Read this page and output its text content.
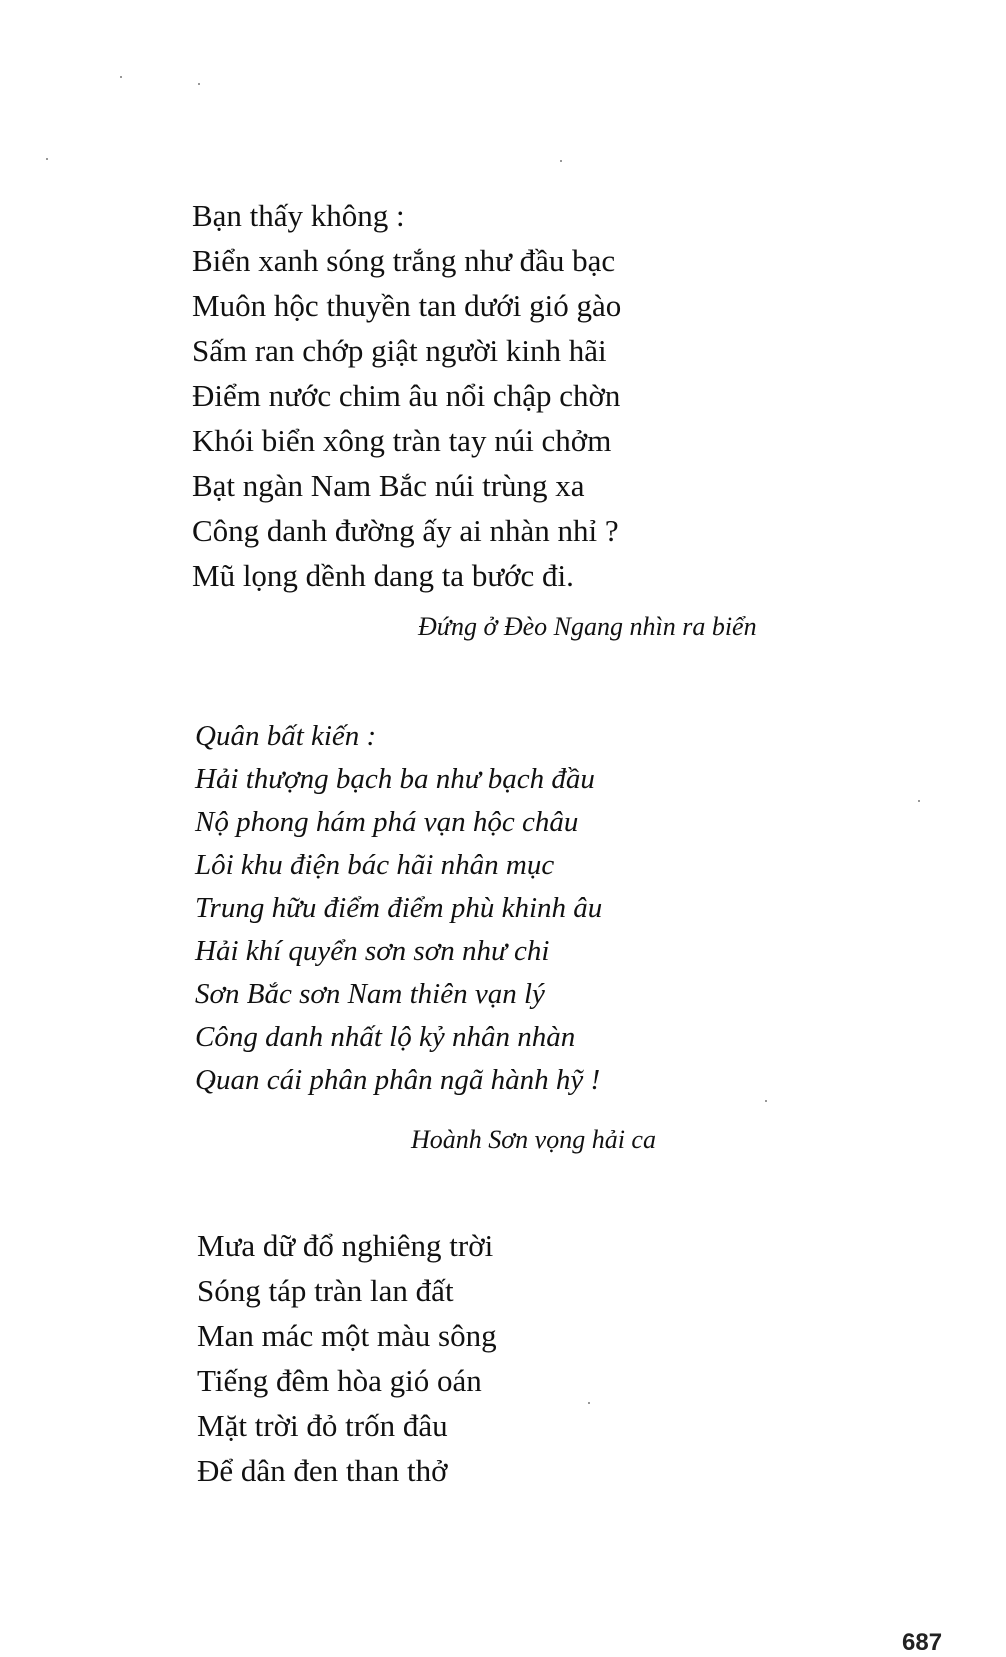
Bạn thấy không :
Biển xanh sóng trắng như đầu bạc
Muôn hộc thuyền tan dưới gió gào
Sấm ran chớp giật người kinh hãi
Điểm nước chim âu nổi chập chờn
Khói biển xông tràn tay núi chởm
Bạt ngàn Nam Bắc núi trùng xa
Công danh đường ấy ai nhàn nhỉ ?
Mũ lọng dềnh dang ta bước đi.
Đứng ở Đèo Ngang nhìn ra biển
Quân bất kiến :
Hải thượng bạch ba như bạch đầu
Nộ phong hám phá vạn hộc châu
Lôi khu điện bác hãi nhân mục
Trung hữu điểm điểm phù khinh âu
Hải khí quyển sơn sơn như chi
Sơn Bắc sơn Nam thiên vạn lý
Công danh nhất lộ kỷ nhân nhàn
Quan cái phân phân ngã hành hỹ !
Hoành Sơn vọng hải ca
Mưa dữ đổ nghiêng trời
Sóng táp tràn lan đất
Man mác một màu sông
Tiếng đêm hòa gió oán
Mặt trời đỏ trốn đâu
Để dân đen than thở
687
